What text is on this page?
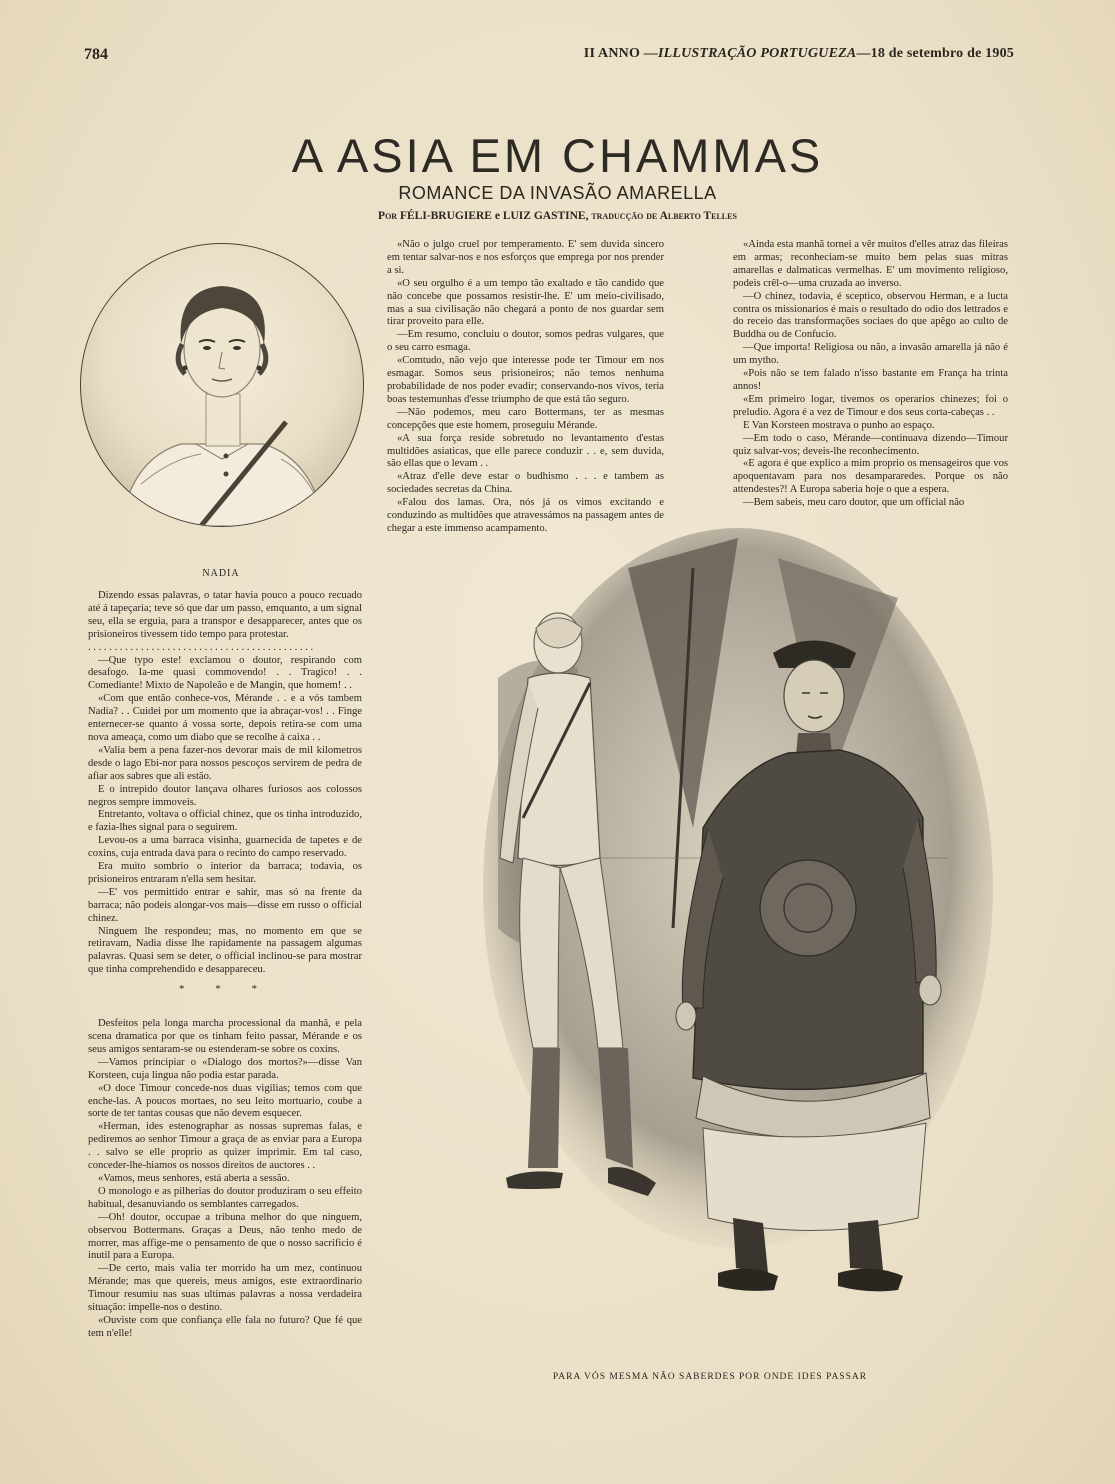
784	II ANNO —ILLUSTRAÇÃO PORTUGUEZA—18 de setembro de 1905
A ASIA EM CHAMMAS
ROMANCE DA INVASÃO AMARELLA
Por FÉLI-BRUGIERE e LUIZ GASTINE, traducção de Alberto Telles
NADIA

Dizendo essas palavras, o tatar havia pouco a pouco recuado até á tapeçaria; teve só que dar um passo, emquanto, a um signal seu, ella se erguia, para a transpor e desapparecer, antes que os prisioneiros tivessem tido tempo para protestar.

. . . . . . . . . . . . . . . . . . . . . . . . . . . . . . . . . . . . . . . . . . .

—Que typo este! exclamou o doutor, respirando com desafogo. Ia-me quasi commovendo! . . Tragico! . . Comediante! Mixto de Napoleão e de Mangin, que homem! . .

«Com que então conhece-vos, Mérande . . e a vós tambem Nadia? . . Cuidei por um momento que ia abraçar-vos! . . Finge enternecer-se quanto á vossa sorte, depois retira-se com uma nova ameaça, como um diabo que se recolhe á caixa . .

«Valia bem a pena fazer-nos devorar mais de mil kilometros desde o lago Ebi-nor para nossos pescoços servirem de pedra de afiar aos sabres que ali estão.

E o intrepido doutor lançava olhares furiosos aos colossos negros sempre immoveis.

Entretanto, voltava o official chinez, que os tinha introduzido, e fazia-lhes signal para o seguirem.

Levou-os a uma barraca visinha, guarnecida de tapetes e de coxins, cuja entrada dava para o recinto do campo reservado.

Era muito sombrio o interior da barraca; todavia, os prisioneiros entraram n'ella sem hesitar.

—E' vos permittido entrar e sahir, mas só na frente da barraca; não podeis alongar-vos mais—disse em russo o official chinez.

Ninguem lhe respondeu; mas, no momento em que se retiravam, Nadia disse lhe rapidamente na passagem algumas palavras. Quasi sem se deter, o official inclinou-se para mostrar que tinha comprehendido e desappareceu.

* * *

Desfeitos pela longa marcha processional da manhã, e pela scena dramatica por que os tinham feito passar, Mérande e os seus amigos sentaram-se ou estenderam-se sobre os coxins.

—Vamos principiar o «Dialogo dos mortos?»—disse Van Korsteen, cuja lingua não podia estar parada.

«O doce Timour concede-nos duas vigilias; temos com que enche-las. A poucos mortaes, no seu leito mortuario, coube a sorte de ter tantas cousas que não devem esquecer.

«Herman, ides estenographar as nossas supremas falas, e pediremos ao senhor Timour a graça de as enviar para a Europa . . salvo se elle proprio as quizer imprimir. Em tal caso, conceder-lhe-hiamos os nossos direitos de auctores . .

«Vamos, meus senhores, está aberta a sessão.

O monologo e as pilherias do doutor produziram o seu effeito habitual, desanuviando os semblantes carregados.

—Oh! doutor, occupae a tribuna melhor do que ninguem, observou Bottermans. Graças a Deus, não tenho medo de morrer, mas affige-me o pensamento de que o nosso sacrificio é inutil para a Europa.

—De certo, mais valia ter morrido ha um mez, continuou Mérande; mas que quereis, meus amigos, este extraordinario Timour resumiu nas suas ultimas palavras a nossa verdadeira situação: impelle-nos o destino.

«Ouviste com que confiança elle fala no futuro? Que fé que tem n'elle!

«Não o julgo cruel por temperamento. E' sem duvida sincero em tentar salvar-nos e nos esforços que emprega por nos prender a si.

«O seu orgulho é a um tempo tão exaltado e tão candido que não concebe que possamos resistir-lhe. E' um meio-civilisado, mas a sua civilisação não chegará a ponto de nos guardar sem tirar proveito para elle.

—Em resumo, concluiu o doutor, somos pedras vulgares, que o seu carro esmaga.

«Comtudo, não vejo que interesse pode ter Timour em nos esmagar. Somos seus prisioneiros; não temos nenhuma probabilidade de nos poder evadir; conservando-nos vivos, teria boas testemunhas d'esse triumpho de que está tão seguro.

—Não podemos, meu caro Bottermans, ter as mesmas concepções que este homem, proseguiu Mérande.

«A sua força reside sobretudo no levantamento d'estas multidões asiaticas, que elle parece conduzir . . e, sem duvida, são ellas que o levam . .

«Atraz d'elle deve estar o budhismo . . . e tambem as sociedades secretas da China.

«Falou dos lamas. Ora, nós já os vimos excitando e conduzindo as multidões que atravessámos na passagem antes de chegar a este immenso acampamento.

«Ainda esta manhã tornei a vêr muitos d'elles atraz das fileiras em armas; reconheciam-se muito bem pelas suas mitras amarellas e dalmaticas vermelhas. E' um movimento religioso, podeis crêl-o—uma cruzada ao inverso.

—O chinez, todavia, é sceptico, observou Herman, e a lucta contra os missionarios é mais o resultado do odio dos lettrados e do receio das transformações sociaes do que apêgo ao culto de Buddha ou de Confucio.

—Que importa! Religiosa ou não, a invasão amarella já não é um mytho.

«Pois não se tem falado n'isso bastante em França ha trinta annos!

«Em primeiro logar, tivemos os operarios chinezes; foi o preludio. Agora é a vez de Timour e dos seus corta-cabeças . .

E Van Korsteen mostrava o punho ao espaço.

—Em todo o caso, Mérande—continuava dizendo—Timour quiz salvar-vos; deveis-lhe reconhecimento.

«E agora é que explico a mim proprio os mensageiros que vos apoquentavam para nos desampararedes. Porque os não attendestes?! A Europa saberia hoje o que a espera.

—Bem sabeis, meu caro doutor, que um official não

PARA VÓS MESMA NÃO SABERDES POR ONDE IDES PASSAR
